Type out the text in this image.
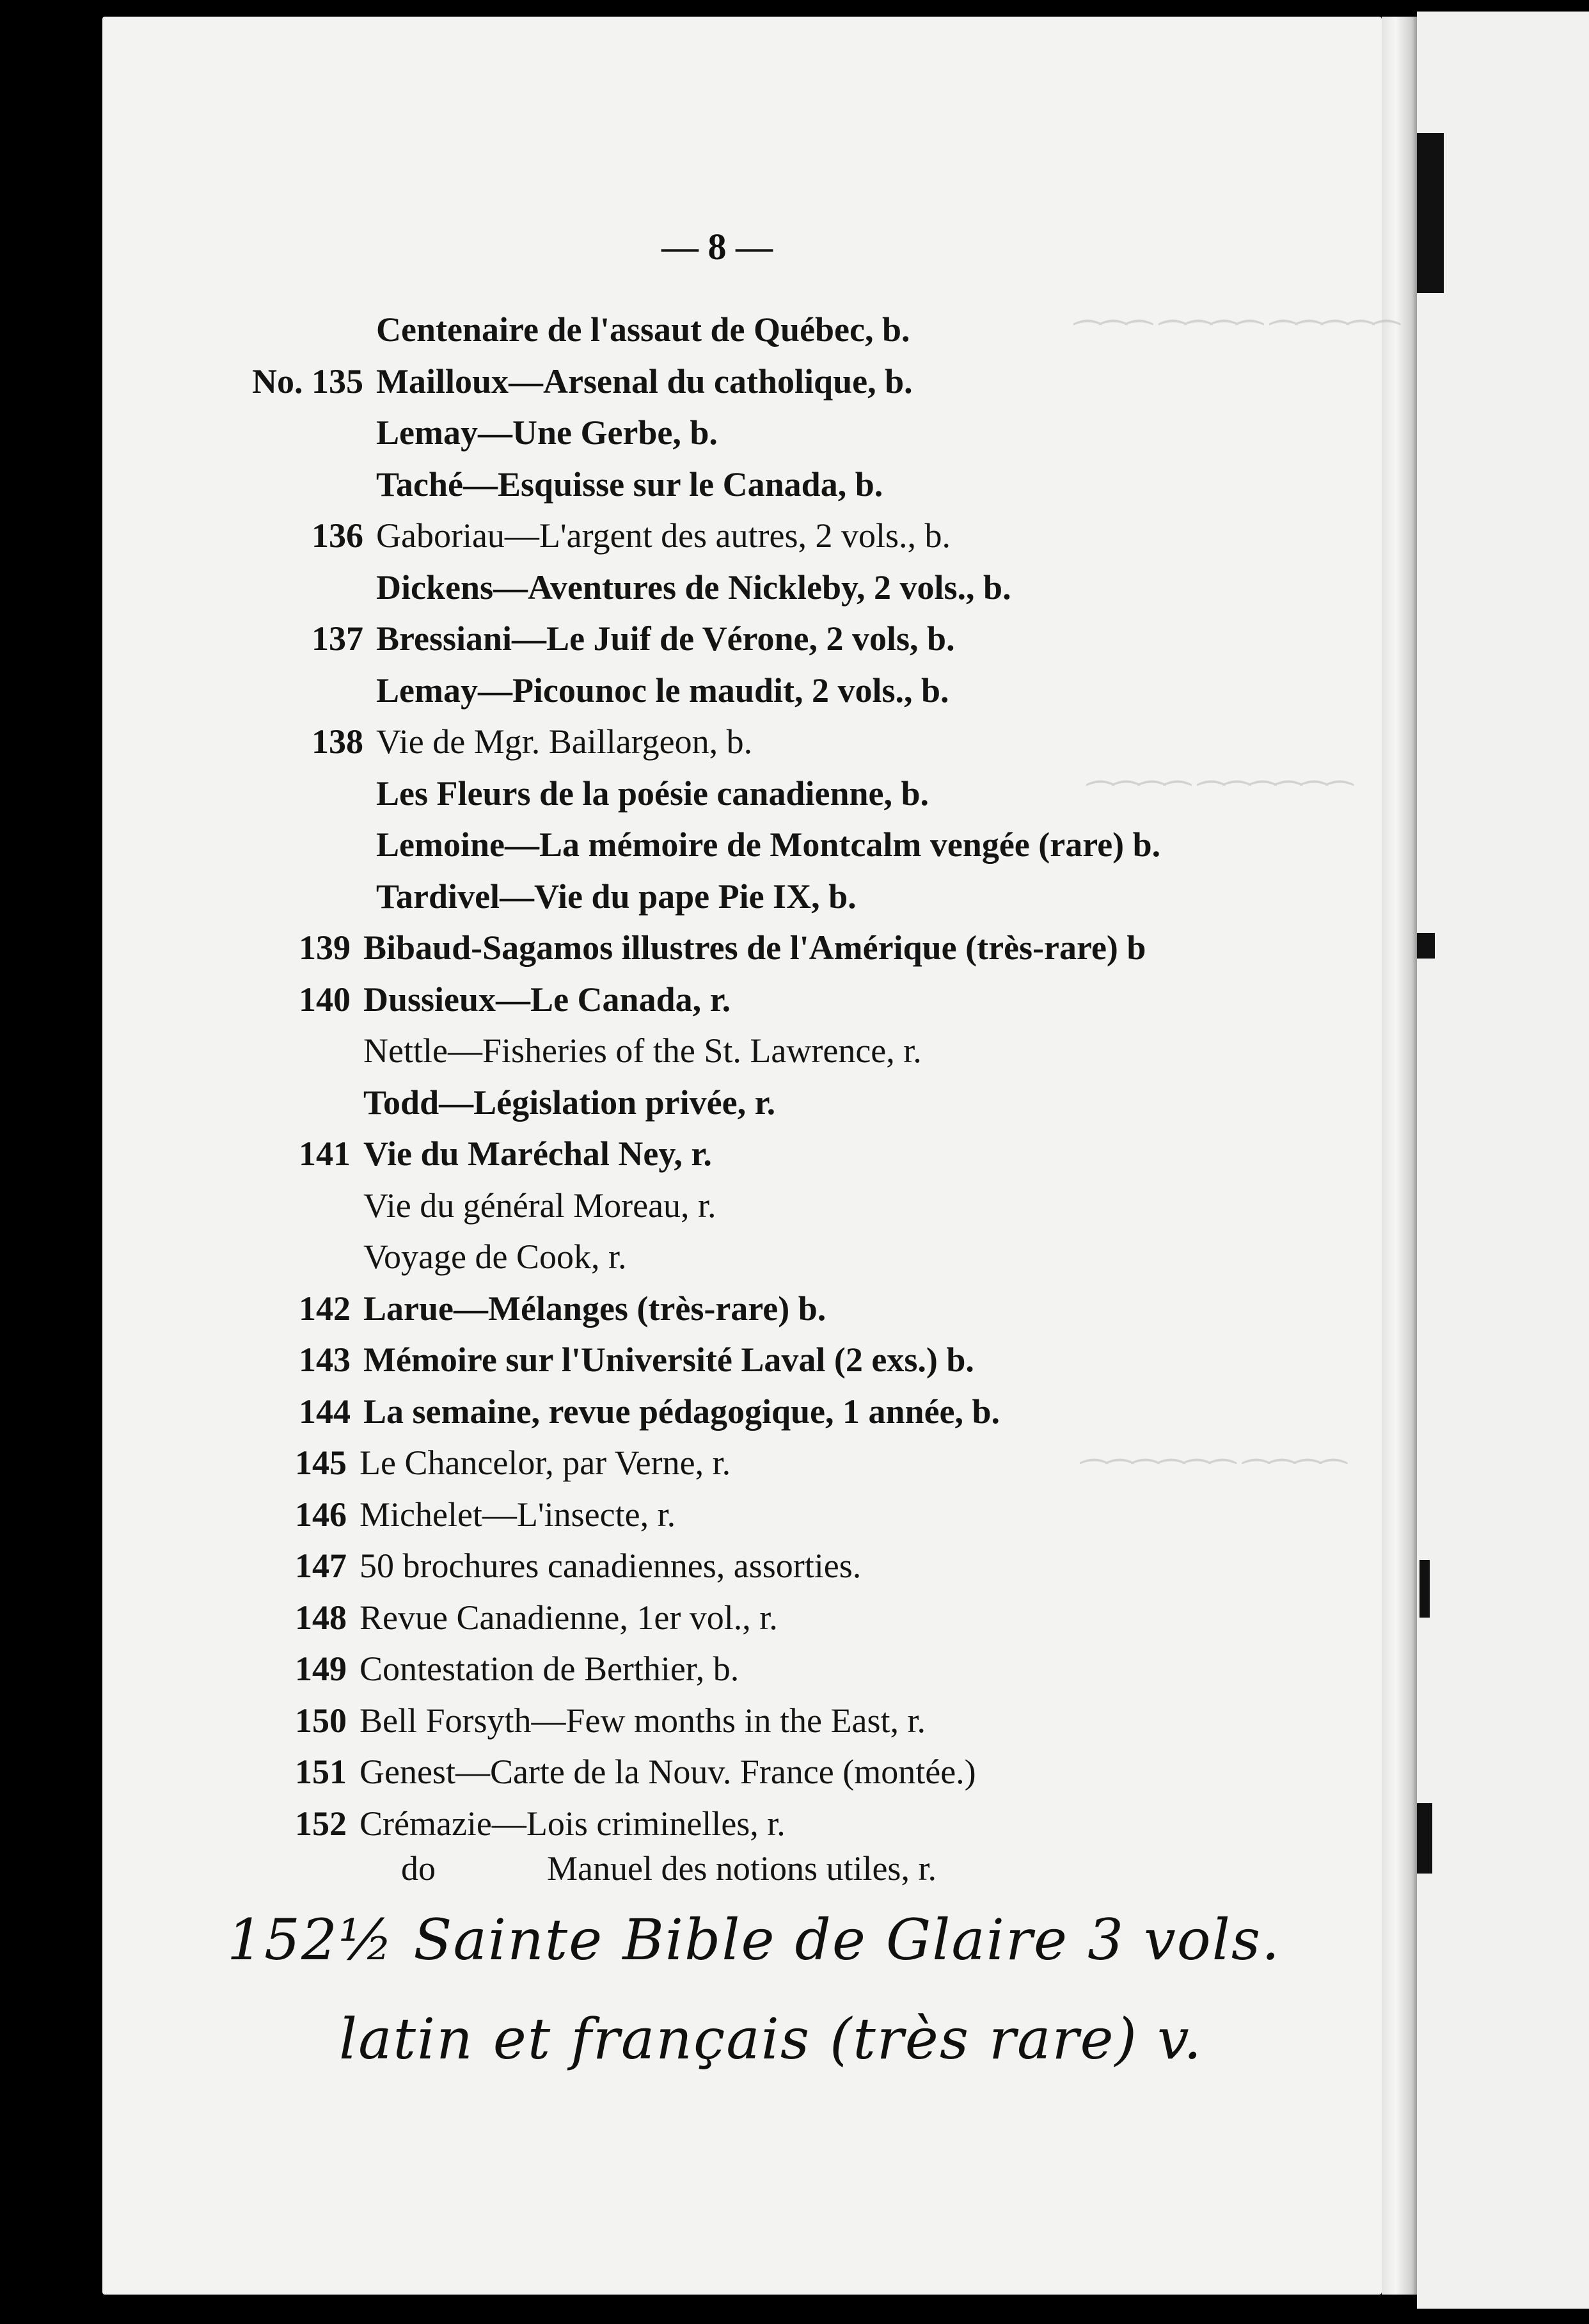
⁀⁀⁀⁀⁀ ⁀⁀⁀⁀ ⁀⁀⁀
⁀⁀⁀⁀⁀⁀ ⁀⁀⁀⁀
⁀⁀⁀⁀ ⁀⁀⁀⁀⁀⁀
— 8 —
Centenaire de l'assaut de Québec, b.
No. 135 Mailloux—Arsenal du catholique, b.
Lemay—Une Gerbe, b.
Taché—Esquisse sur le Canada, b.
136 Gaboriau—L'argent des autres, 2 vols., b.
Dickens—Aventures de Nickleby, 2 vols., b.
137 Bressiani—Le Juif de Vérone, 2 vols, b.
Lemay—Picounoc le maudit, 2 vols., b.
138 Vie de Mgr. Baillargeon, b.
Les Fleurs de la poésie canadienne, b.
Lemoine—La mémoire de Montcalm vengée (rare) b.
Tardivel—Vie du pape Pie IX, b.
139 Bibaud-Sagamos illustres de l'Amérique (très-rare) b
140 Dussieux—Le Canada, r.
Nettle—Fisheries of the St. Lawrence, r.
Todd—Législation privée, r.
141 Vie du Maréchal Ney, r.
Vie du général Moreau, r.
Voyage de Cook, r.
142 Larue—Mélanges (très-rare) b.
143 Mémoire sur l'Université Laval (2 exs.) b.
144 La semaine, revue pédagogique, 1 année, b.
145 Le Chancelor, par Verne, r.
146 Michelet—L'insecte, r.
147 50 brochures canadiennes, assorties.
148 Revue Canadienne, 1er vol., r.
149 Contestation de Berthier, b.
150 Bell Forsyth—Few months in the East, r.
151 Genest—Carte de la Nouv. France (montée.)
152 Crémazie—Lois criminelles, r.
do	Manuel des notions utiles, r.
152½ Sainte Bible de Glaire 3 vols.
latin et français (très rare) v.
